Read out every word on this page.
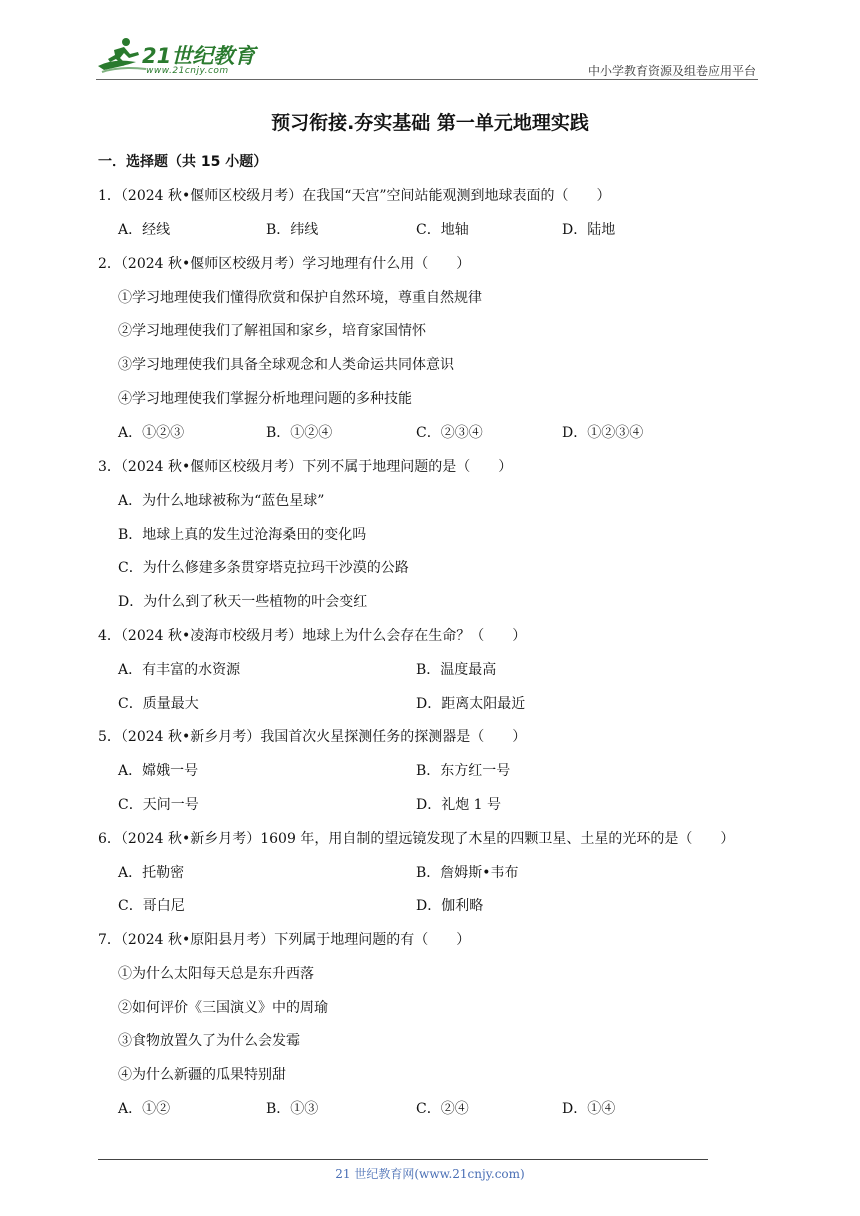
21世纪教育
www.21cnjy.com	中小学教育资源及组卷应用平台
预习衔接.夯实基础 第一单元地理实践
一．选择题（共 15 小题）
1．（2024 秋•偃师区校级月考）在我国“天宫”空间站能观测到地球表面的（　　）
A．经线	B．纬线	C．地轴	D．陆地
2．（2024 秋•偃师区校级月考）学习地理有什么用（　　）
①学习地理使我们懂得欣赏和保护自然环境，尊重自然规律
②学习地理使我们了解祖国和家乡，培育家国情怀
③学习地理使我们具备全球观念和人类命运共同体意识
④学习地理使我们掌握分析地理问题的多种技能
A．①②③	B．①②④	C．②③④	D．①②③④
3．（2024 秋•偃师区校级月考）下列不属于地理问题的是（　　）
A．为什么地球被称为“蓝色星球”
B．地球上真的发生过沧海桑田的变化吗
C．为什么修建多条贯穿塔克拉玛干沙漠的公路
D．为什么到了秋天一些植物的叶会变红
4．（2024 秋•凌海市校级月考）地球上为什么会存在生命？（　　）
A．有丰富的水资源	B．温度最高
C．质量最大	D．距离太阳最近
5．（2024 秋•新乡月考）我国首次火星探测任务的探测器是（　　）
A．嫦娥一号	B．东方红一号
C．天问一号	D．礼炮 1 号
6．（2024 秋•新乡月考）1609 年，用自制的望远镜发现了木星的四颗卫星、土星的光环的是（　　）
A．托勒密	B．詹姆斯•韦布
C．哥白尼	D．伽利略
7．（2024 秋•原阳县月考）下列属于地理问题的有（　　）
①为什么太阳每天总是东升西落
②如何评价《三国演义》中的周瑜
③食物放置久了为什么会发霉
④为什么新疆的瓜果特别甜
A．①②	B．①③	C．②④	D．①④
21 世纪教育网(www.21cnjy.com)
